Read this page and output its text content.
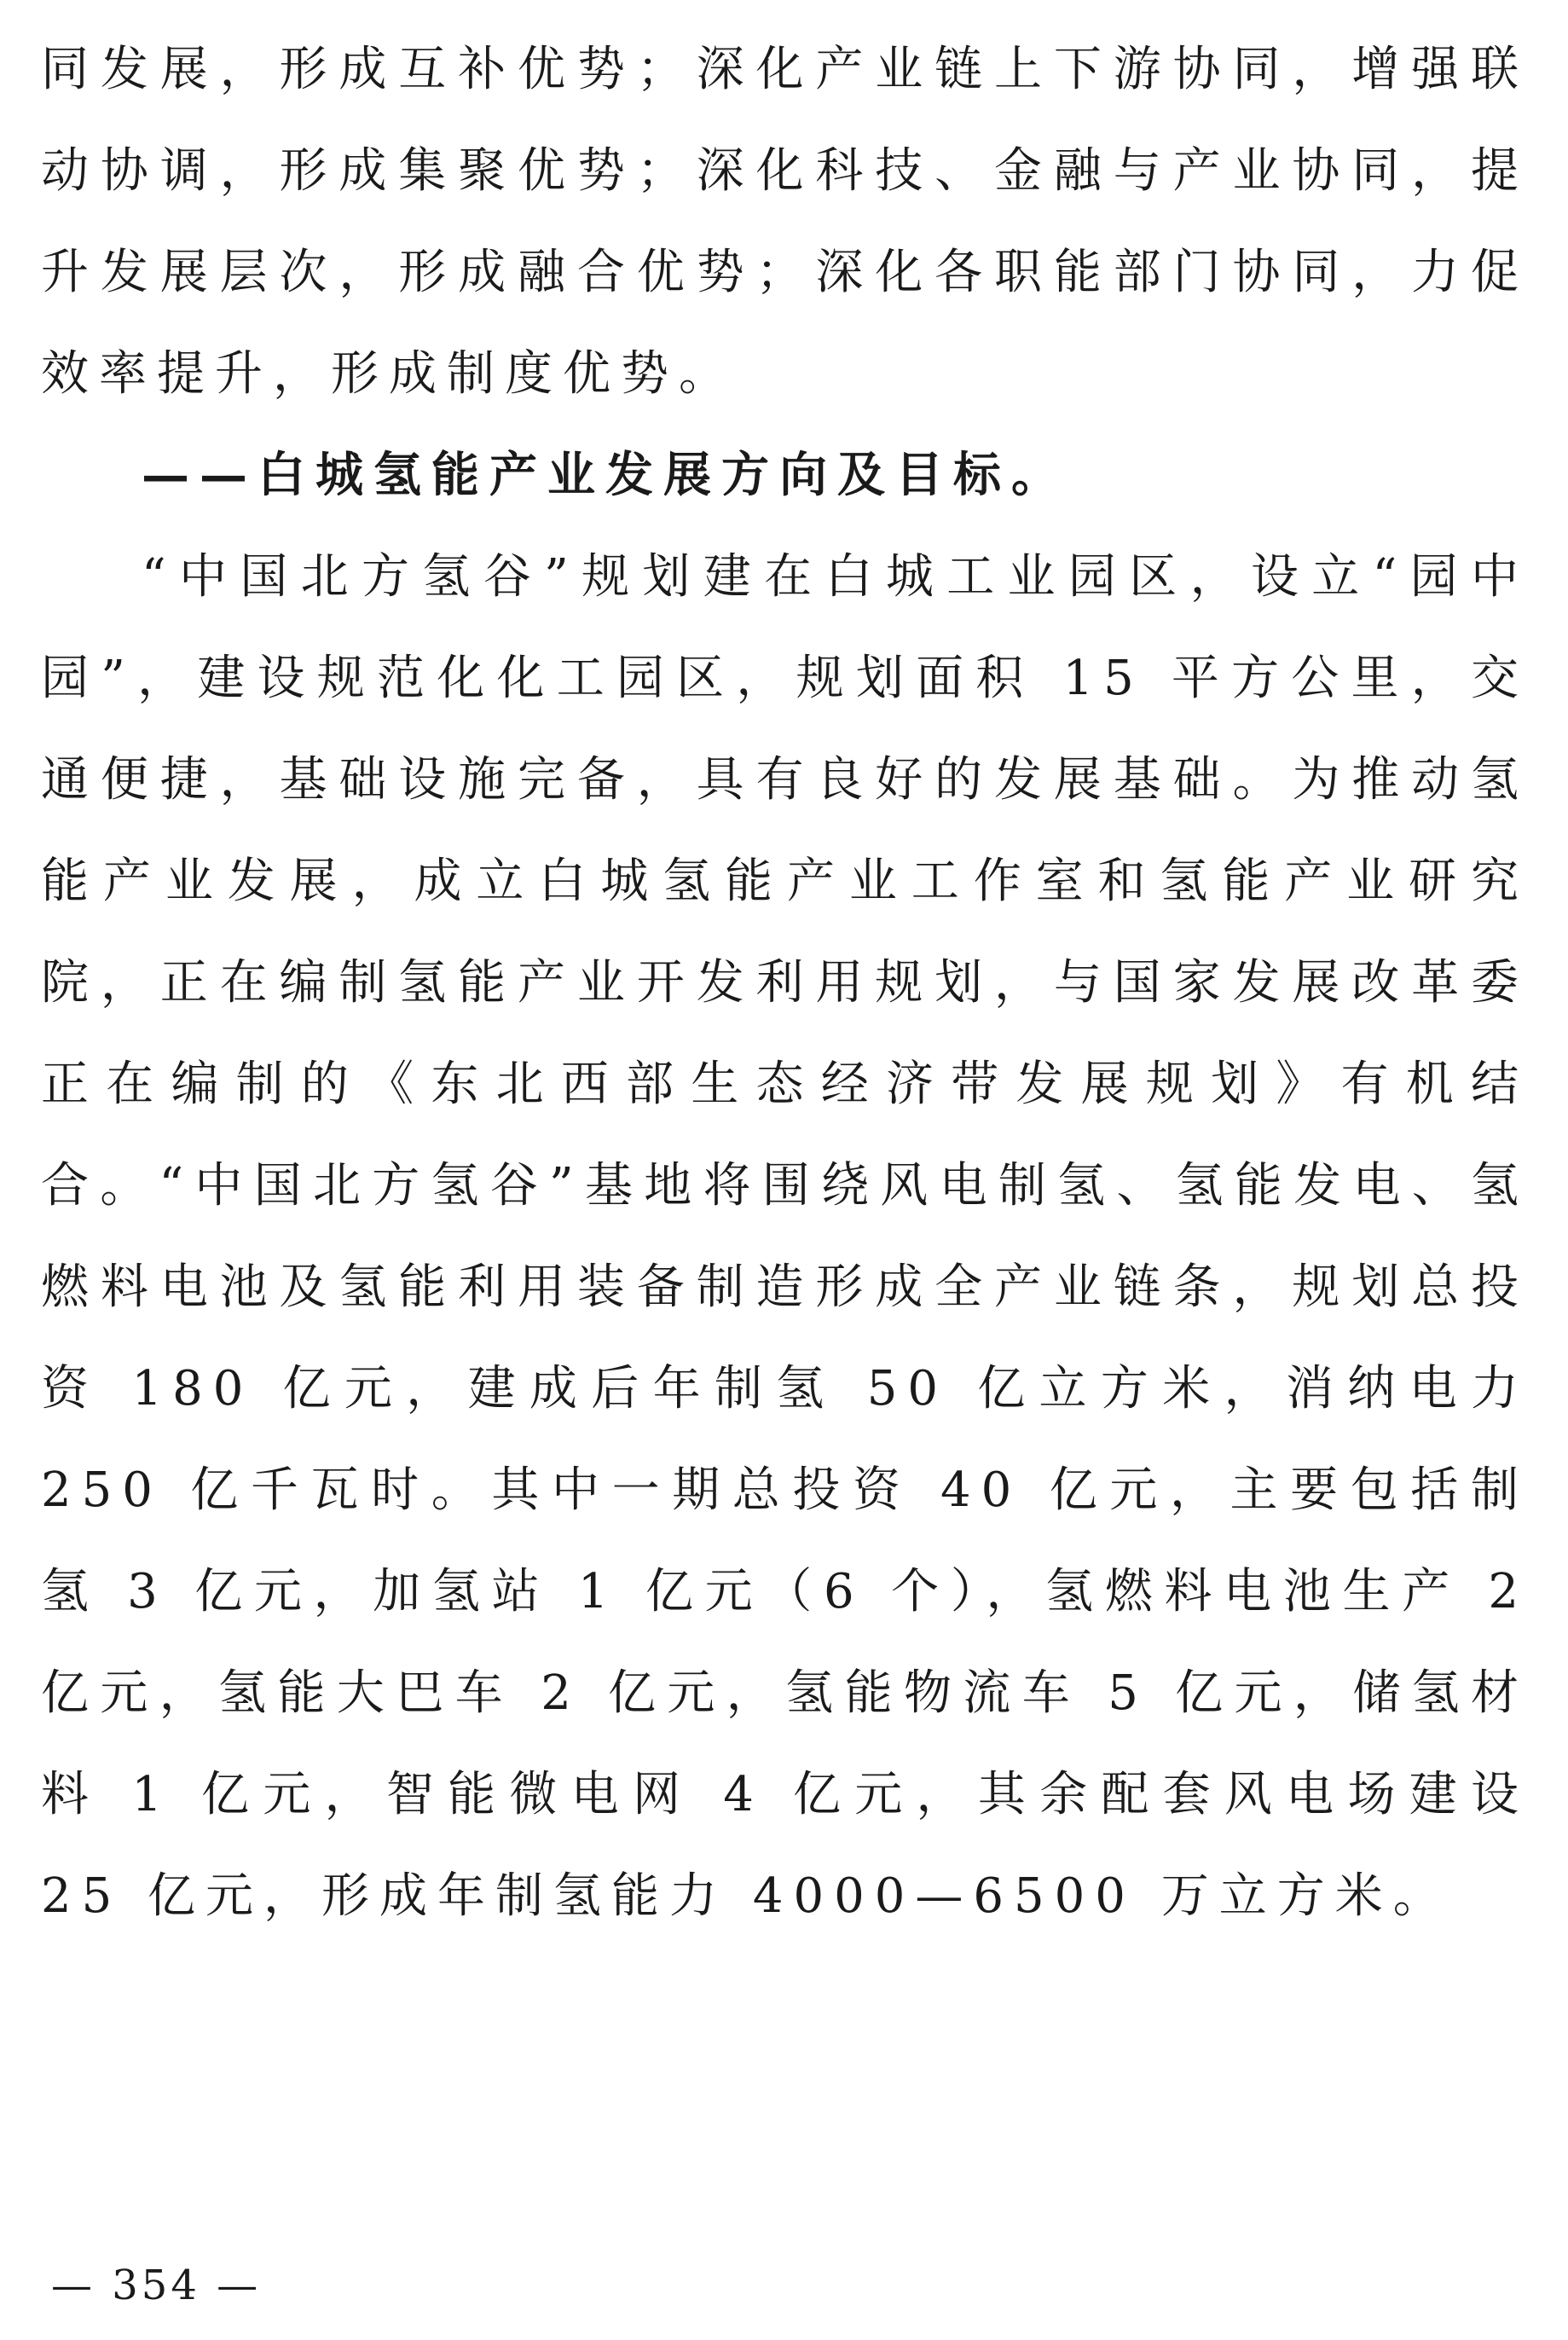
同发展，形成互补优势；深化产业链上下游协同，增强联动协调，形成集聚优势；深化科技、金融与产业协同，提升发展层次，形成融合优势；深化各职能部门协同，力促效率提升，形成制度优势。

——白城氢能产业发展方向及目标。

“中国北方氢谷”规划建在白城工业园区，设立“园中园”，建设规范化化工园区，规划面积 15 平方公里，交通便捷，基础设施完备，具有良好的发展基础。为推动氢能产业发展，成立白城氢能产业工作室和氢能产业研究院，正在编制氢能产业开发利用规划，与国家发展改革委正在编制的《东北西部生态经济带发展规划》有机结合。“中国北方氢谷”基地将围绕风电制氢、氢能发电、氢燃料电池及氢能利用装备制造形成全产业链条，规划总投资 180 亿元，建成后年制氢 50 亿立方米，消纳电力 250 亿千瓦时。其中一期总投资 40 亿元，主要包括制氢 3 亿元，加氢站 1 亿元（6 个），氢燃料电池生产 2 亿元，氢能大巴车 2 亿元，氢能物流车 5 亿元，储氢材料 1 亿元，智能微电网 4 亿元，其余配套风电场建设 25 亿元，形成年制氢能力 4000—6500 万立方米。

— 354 —
